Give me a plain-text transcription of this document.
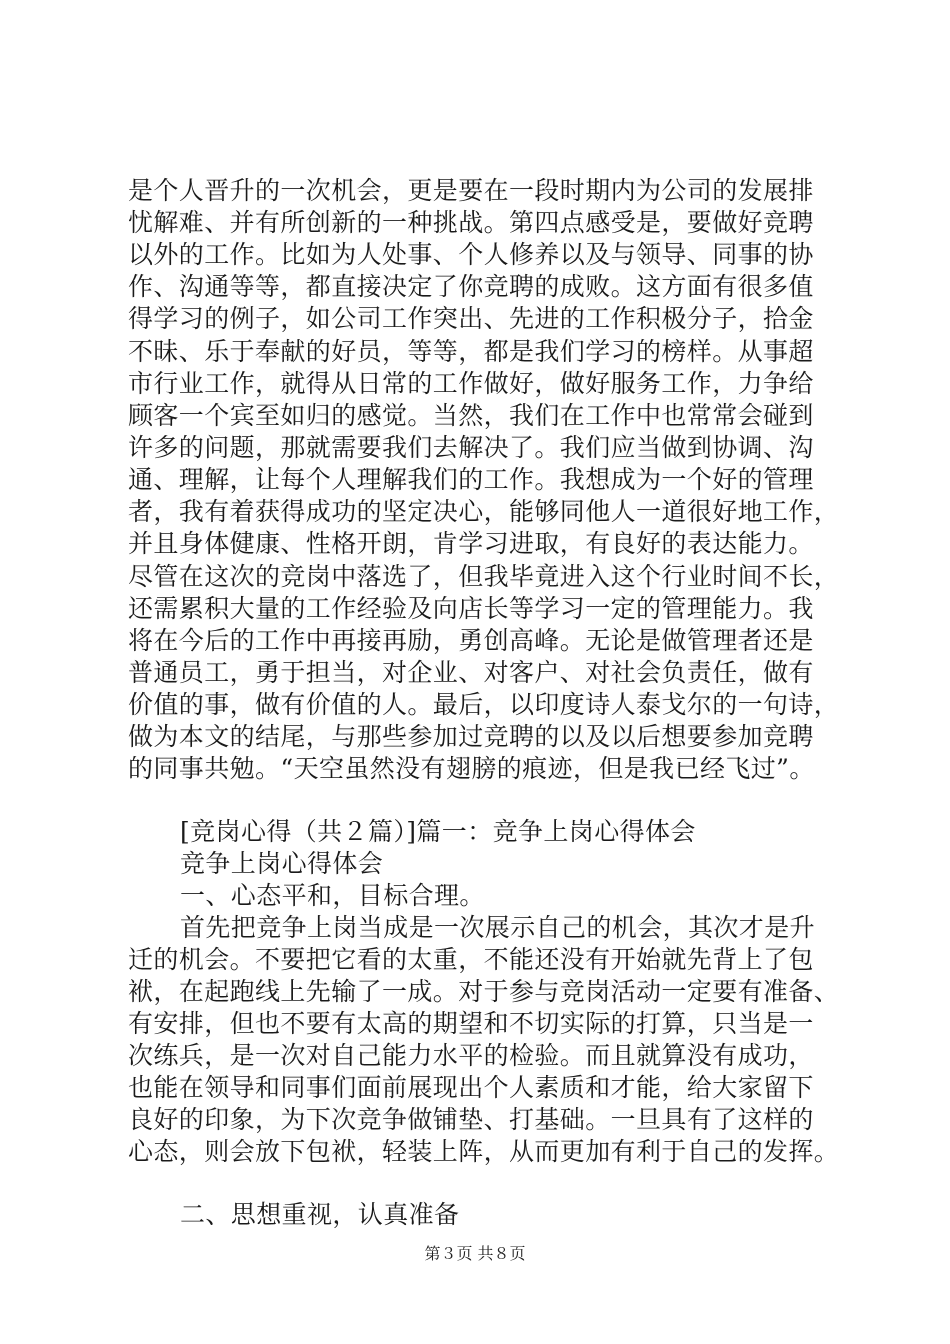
是个人晋升的一次机会，更是要在一段时期内为公司的发展排
忧解难、并有所创新的一种挑战。第四点感受是，要做好竞聘
以外的工作。比如为人处事、个人修养以及与领导、同事的协
作、沟通等等，都直接决定了你竞聘的成败。这方面有很多值
得学习的例子，如公司工作突出、先进的工作积极分子，拾金
不昧、乐于奉献的好员，等等，都是我们学习的榜样。从事超
市行业工作，就得从日常的工作做好，做好服务工作，力争给
顾客一个宾至如归的感觉。当然，我们在工作中也常常会碰到
许多的问题，那就需要我们去解决了。我们应当做到协调、沟
通、理解，让每个人理解我们的工作。我想成为一个好的管理
者，我有着获得成功的坚定决心，能够同他人一道很好地工作，
并且身体健康、性格开朗，肯学习进取，有良好的表达能力。
尽管在这次的竞岗中落选了，但我毕竟进入这个行业时间不长，
还需累积大量的工作经验及向店长等学习一定的管理能力。我
将在今后的工作中再接再励，勇创高峰。无论是做管理者还是
普通员工，勇于担当，对企业、对客户、对社会负责任，做有
价值的事，做有价值的人。最后，以印度诗人泰戈尔的一句诗，
做为本文的结尾，与那些参加过竞聘的以及以后想要参加竞聘
的同事共勉。“天空虽然没有翅膀的痕迹，但是我已经飞过”。
[竞岗心得（共２篇）]篇一：竞争上岗心得体会
竞争上岗心得体会
一、心态平和，目标合理。
首先把竞争上岗当成是一次展示自己的机会，其次才是升
迁的机会。不要把它看的太重，不能还没有开始就先背上了包
袱，在起跑线上先输了一成。对于参与竞岗活动一定要有准备、
有安排，但也不要有太高的期望和不切实际的打算，只当是一
次练兵，是一次对自己能力水平的检验。而且就算没有成功，
也能在领导和同事们面前展现出个人素质和才能，给大家留下
良好的印象，为下次竞争做铺垫、打基础。一旦具有了这样的
心态，则会放下包袱，轻装上阵，从而更加有利于自己的发挥。
二、思想重视，认真准备
第３页 共８页
